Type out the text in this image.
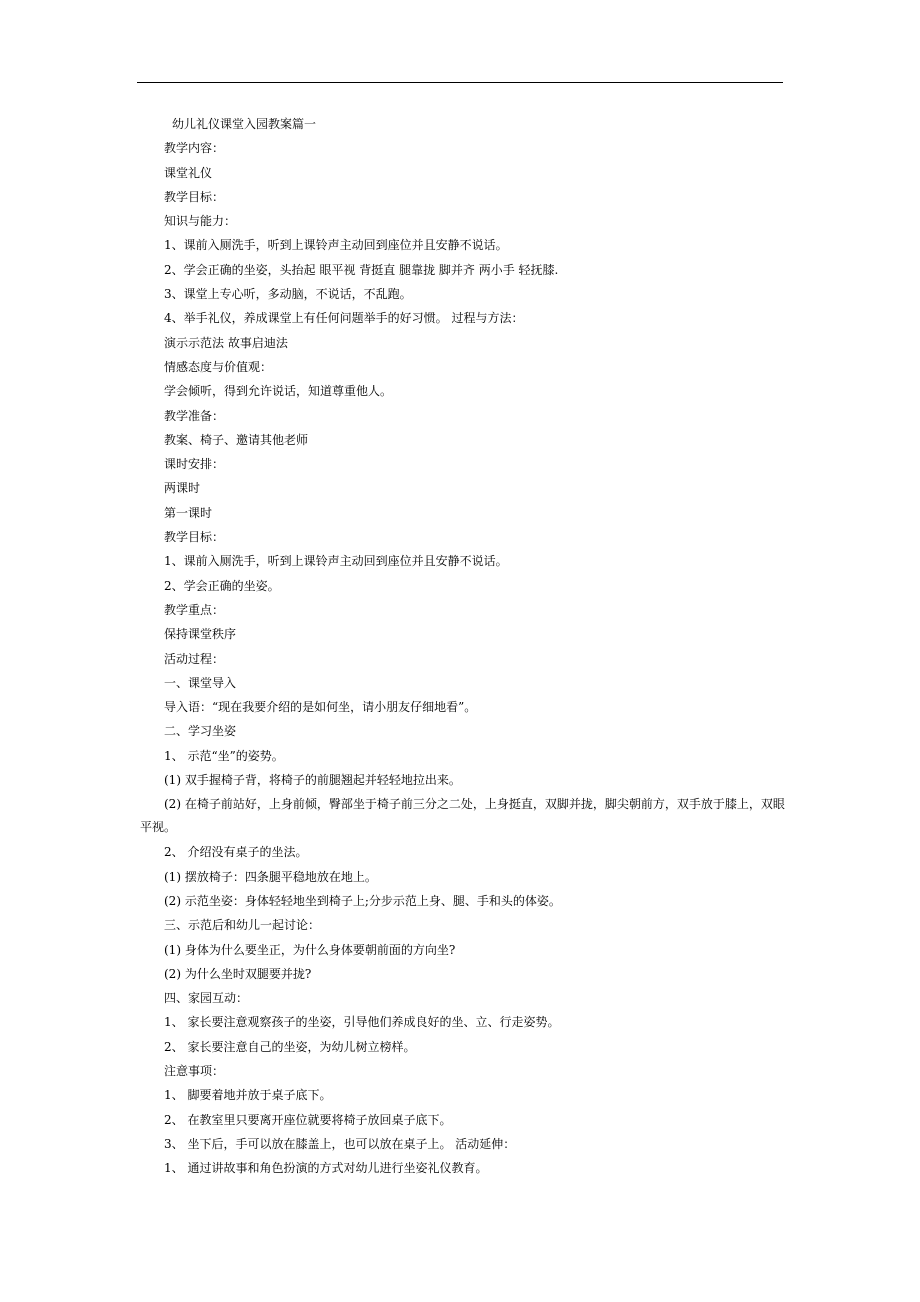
幼儿礼仪课堂入园教案篇一
教学内容：
课堂礼仪
教学目标：
知识与能力：
1、课前入厕洗手，听到上课铃声主动回到座位并且安静不说话。
2、学会正确的坐姿，头抬起 眼平视 背挺直 腿靠拢 脚并齐 两小手 轻抚膝.
3、课堂上专心听，多动脑，不说话，不乱跑。
4、举手礼仪，养成课堂上有任何问题举手的好习惯。 过程与方法：
演示示范法 故事启迪法
情感态度与价值观：
学会倾听，得到允许说话，知道尊重他人。
教学准备：
教案、椅子、邀请其他老师
课时安排：
两课时
第一课时
教学目标：
1、课前入厕洗手，听到上课铃声主动回到座位并且安静不说话。
2、学会正确的坐姿。
教学重点：
保持课堂秩序
活动过程：
一、课堂导入
导入语：“现在我要介绍的是如何坐，请小朋友仔细地看”。
二、学习坐姿
1、 示范“坐”的姿势。
(1) 双手握椅子背，将椅子的前腿翘起并轻轻地拉出来。
(2) 在椅子前站好，上身前倾，臀部坐于椅子前三分之二处，上身挺直，双脚并拢，脚尖朝前方，双手放于膝上，双眼平视。
2、 介绍没有桌子的坐法。
(1) 摆放椅子：四条腿平稳地放在地上。
(2) 示范坐姿：身体轻轻地坐到椅子上;分步示范上身、腿、手和头的体姿。
三、示范后和幼儿一起讨论：
(1) 身体为什么要坐正，为什么身体要朝前面的方向坐?
(2) 为什么坐时双腿要并拢?
四、家园互动：
1、 家长要注意观察孩子的坐姿，引导他们养成良好的坐、立、行走姿势。
2、 家长要注意自己的坐姿，为幼儿树立榜样。
注意事项：
1、 脚要着地并放于桌子底下。
2、 在教室里只要离开座位就要将椅子放回桌子底下。
3、 坐下后，手可以放在膝盖上，也可以放在桌子上。 活动延伸：
1、 通过讲故事和角色扮演的方式对幼儿进行坐姿礼仪教育。
